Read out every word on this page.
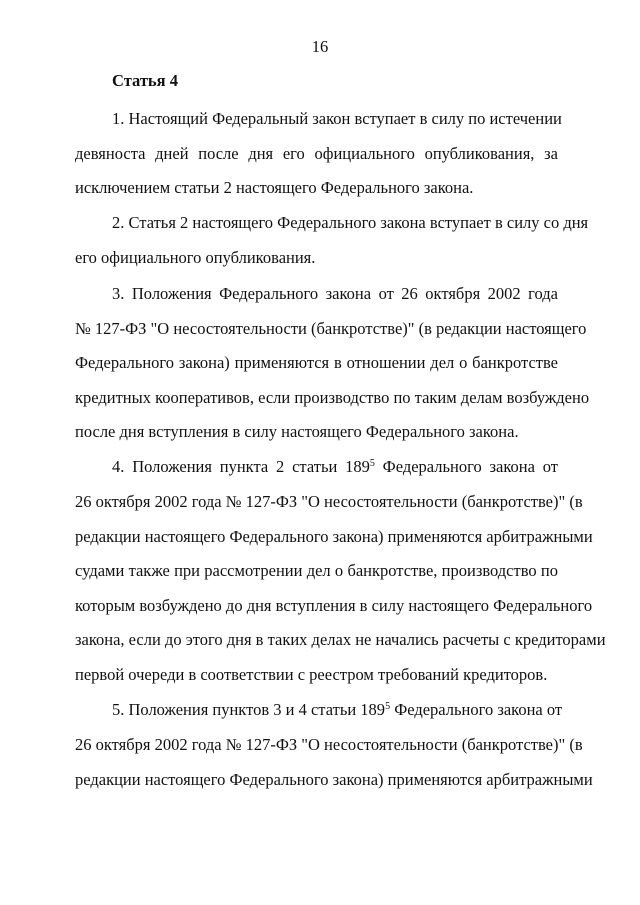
16
Статья 4
1. Настоящий Федеральный закон вступает в силу по истечении
девяноста дней после дня его официального опубликования, за
исключением статьи 2 настоящего Федерального закона.
2. Статья 2 настоящего Федерального закона вступает в силу со дня
его официального опубликования.
3. Положения Федерального закона от 26 октября 2002 года
№ 127-ФЗ "О несостоятельности (банкротстве)" (в редакции настоящего
Федерального закона) применяются в отношении дел о банкротстве
кредитных кооперативов, если производство по таким делам возбуждено
после дня вступления в силу настоящего Федерального закона.
4. Положения пункта 2 статьи $189^5$ Федерального закона от
26 октября 2002 года № 127-ФЗ "О несостоятельности (банкротстве)" (в
редакции настоящего Федерального закона) применяются арбитражными
судами также при рассмотрении дел о банкротстве, производство по
которым возбуждено до дня вступления в силу настоящего Федерального
закона, если до этого дня в таких делах не начались расчеты с кредиторами
первой очереди в соответствии с реестром требований кредиторов.
5. Положения пунктов 3 и 4 статьи $189^5$ Федерального закона от
26 октября 2002 года № 127-ФЗ "О несостоятельности (банкротстве)" (в
редакции настоящего Федерального закона) применяются арбитражными
